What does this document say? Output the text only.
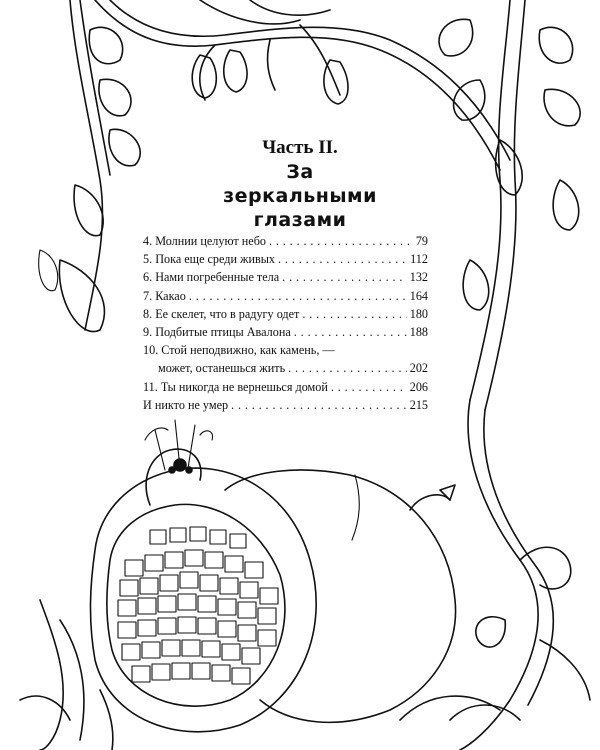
Часть II.
За
зеркальными
глазами
4. Молнии целуют небо . . .	79
5. Пока еще среди живых . . .	112
6. Нами погребенные тела . . .	132
7. Какао . . .	164
8. Ее скелет, что в радугу одет . . .	180
9. Подбитые птицы Авалона . . .	188
10. Стой неподвижно, как камень, —
может, останешься жить . . .	202
11. Ты никогда не вернешься домой . . .	206
И никто не умер . . .	215
